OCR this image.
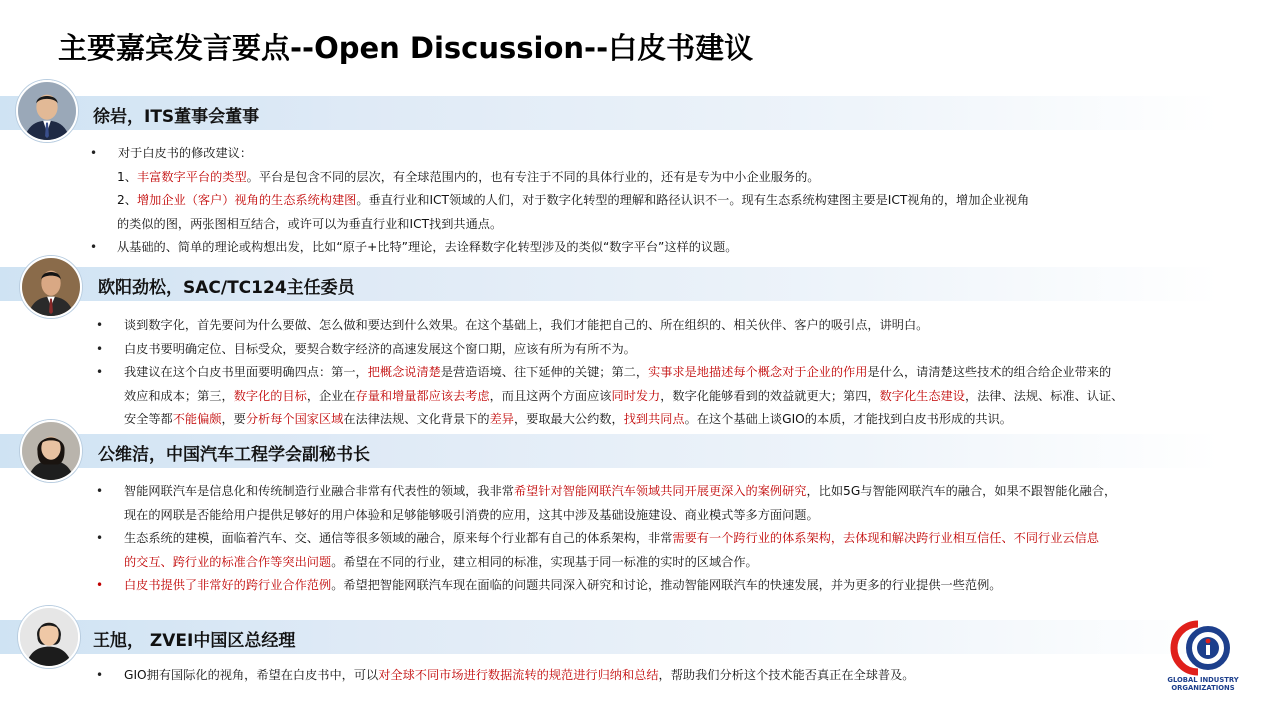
主要嘉宾发言要点--Open Discussion--白皮书建议
徐岩，ITS董事会董事
• 对于白皮书的修改建议：
1、丰富数字平台的类型。平台是包含不同的层次，有全球范围内的，也有专注于不同的具体行业的，还有是专为中小企业服务的。
2、增加企业（客户）视角的生态系统构建图。垂直行业和ICT领域的人们，对于数字化转型的理解和路径认识不一。现有生态系统构建图主要是ICT视角的，增加企业视角
的类似的图，两张图相互结合，或许可以为垂直行业和ICT找到共通点。
• 从基础的、简单的理论或构想出发，比如“原子+比特”理论，去诠释数字化转型涉及的类似“数字平台”这样的议题。
欧阳劲松，SAC/TC124主任委员
• 谈到数字化，首先要问为什么要做、怎么做和要达到什么效果。在这个基础上，我们才能把自己的、所在组织的、相关伙伴、客户的吸引点，讲明白。
• 白皮书要明确定位、目标受众，要契合数字经济的高速发展这个窗口期，应该有所为有所不为。
• 我建议在这个白皮书里面要明确四点：第一，把概念说清楚是营造语境、往下延伸的关键；第二，实事求是地描述每个概念对于企业的作用是什么，请清楚这些技术的组合给企业带来的
效应和成本；第三，数字化的目标，企业在存量和增量都应该去考虑，而且这两个方面应该同时发力，数字化能够看到的效益就更大；第四，数字化生态建设，法律、法规、标准、认证、
安全等都不能偏颇，要分析每个国家区域在法律法规、文化背景下的差异，要取最大公约数，找到共同点。在这个基础上谈GIO的本质，才能找到白皮书形成的共识。
公维洁，中国汽车工程学会副秘书长
• 智能网联汽车是信息化和传统制造行业融合非常有代表性的领域，我非常希望针对智能网联汽车领域共同开展更深入的案例研究，比如5G与智能网联汽车的融合，如果不跟智能化融合，
现在的网联是否能给用户提供足够好的用户体验和足够能够吸引消费的应用，这其中涉及基础设施建设、商业模式等多方面问题。
• 生态系统的建模，面临着汽车、交、通信等很多领域的融合，原来每个行业都有自己的体系架构，非常需要有一个跨行业的体系架构，去体现和解决跨行业相互信任、不同行业云信息
的交互、跨行业的标准合作等突出问题。希望在不同的行业，建立相同的标准，实现基于同一标准的实时的区域合作。
• 白皮书提供了非常好的跨行业合作范例。希望把智能网联汽车现在面临的问题共同深入研究和讨论，推动智能网联汽车的快速发展，并为更多的行业提供一些范例。
王旭， ZVEI中国区总经理
• GIO拥有国际化的视角，希望在白皮书中，可以对全球不同市场进行数据流转的规范进行归纳和总结，帮助我们分析这个技术能否真正在全球普及。	GLOBAL INDUSTRY
ORGANIZATIONS
